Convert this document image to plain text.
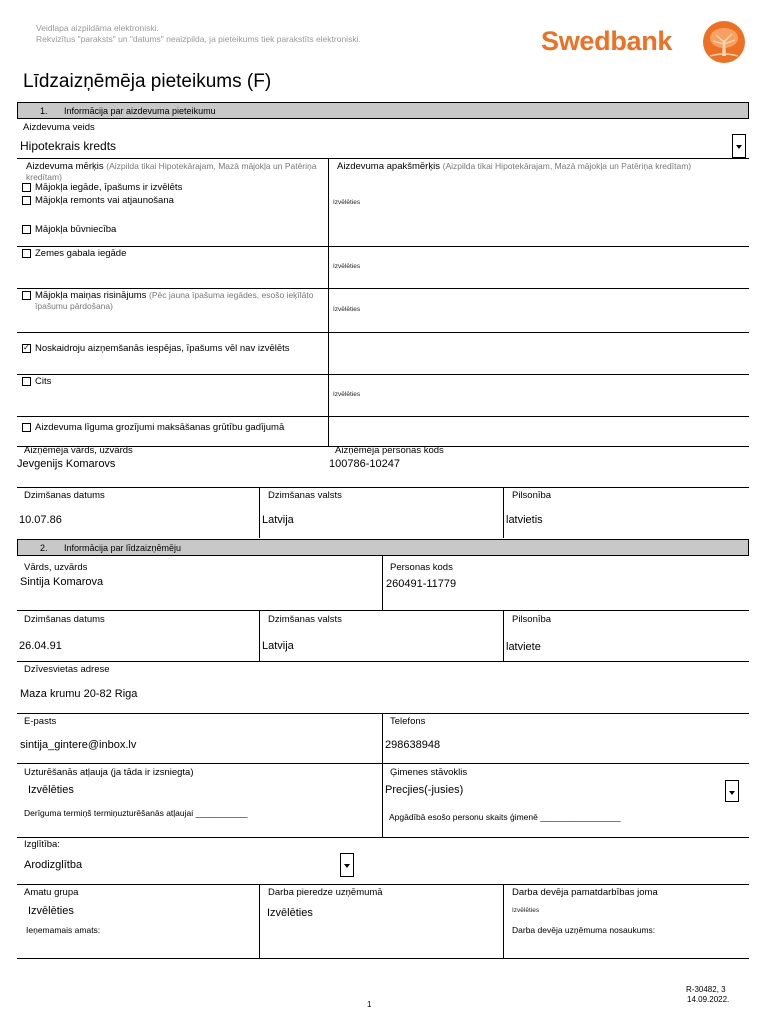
Veidlapa aizpildāma elektroniski.
Rekvizītus "paraksts" un "datums" neaizpilda, ja pieteikums tiek parakstīts elektroniski.	Swedbank
Līdzaizņēmēja pieteikums (F)
1. Informācija par aizdevuma pieteikumu
Aizdevuma veids
Hipotekrais kredts
Aizdevuma mērķis (Aizpilda tikai Hipotekārajam, Mazā mājokļa un Patēriņa kredītam)
Aizdevuma apakšmērķis (Aizpilda tikai Hipotekārajam, Mazā mājokļa un Patēriņa kredītam)
Mājokļa iegāde, īpašums ir izvēlēts
Mājokļa remonts vai atjaunošana
Mājokļa būvniecība
Zemes gabala iegāde
Mājokļa maiņas risinājums (Pēc jauna īpašuma iegādes, esošo ieķīlāto īpašumu pārdošana)
✓ Noskaidroju aizņemšanās iespējas, īpašums vēl nav izvēlēts
Cits
Izvēlēties
Izvēlēties
Izvēlēties
Izvēlēties
Aizdevuma līguma grozījumi maksāšanas grūtību gadījumā
Aizņēmēja vārds, uzvārds
Jevgenijs Komarovs
Aizņēmēja personas kods
100786-10247
Dzimšanas datums
10.07.86
Dzimšanas valsts
Latvija
Pilsonība
latvietis
2. Informācija par līdzaizņēmēju
Vārds, uzvārds
Sintija Komarova
Personas kods
260491-11779
Dzimšanas datums
26.04.91
Dzimšanas valsts
Latvija
Pilsonība
latviete
Dzīvesvietas adrese
Maza krumu 20-82 Riga
E-pasts
sintija_gintere@inbox.lv
Telefons
298638948
Uzturēšanās atļauja (ja tāda ir izsniegta)
Izvēlēties
Derīguma termiņš termiņuzturēšanās atļaujai ___________
Ģimenes stāvoklis
Precjies(-jusies)
Apgādībā esošo personu skaits ģimenē _________________
Izglītība:
Arodizglītba
Amatu grupa
Izvēlēties
Ieņemamais amats:
Darba pieredze uzņēmumā
Izvēlēties
Darba devēja pamatdarbības joma
Izvēlēties
Darba devēja uzņēmuma nosaukums:
1
R-30482, 3
14.09.2022.
